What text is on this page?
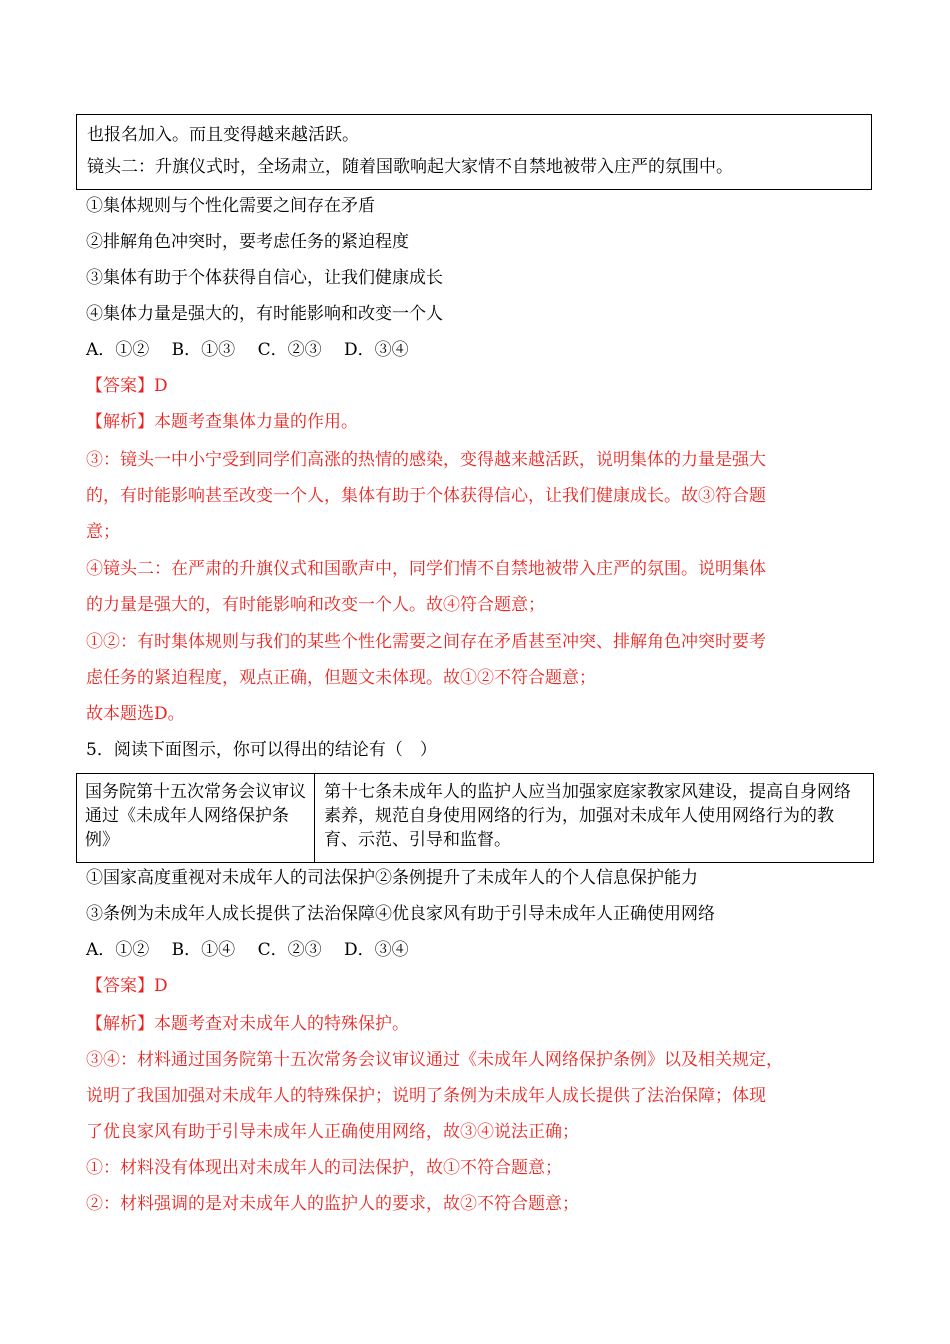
也报名加入。而且变得越来越活跃。
镜头二：升旗仪式时，全场肃立，随着国歌响起大家情不自禁地被带入庄严的氛围中。
①集体规则与个性化需要之间存在矛盾
②排解角色冲突时，要考虑任务的紧迫程度
③集体有助于个体获得自信心，让我们健康成长
④集体力量是强大的，有时能影响和改变一个人
A．①②　 B．①③　 C．②③　 D．③④
【答案】D
【解析】本题考查集体力量的作用。
③：镜头一中小宁受到同学们高涨的热情的感染，变得越来越活跃，说明集体的力量是强大
的，有时能影响甚至改变一个人，集体有助于个体获得信心，让我们健康成长。故③符合题
意；
④镜头二：在严肃的升旗仪式和国歌声中，同学们情不自禁地被带入庄严的氛围。说明集体
的力量是强大的，有时能影响和改变一个人。故④符合题意；
①②：有时集体规则与我们的某些个性化需要之间存在矛盾甚至冲突、排解角色冲突时要考
虑任务的紧迫程度，观点正确，但题文未体现。故①②不符合题意；
故本题选D。
5．阅读下面图示，你可以得出的结论有（　）
国务院第十五次常务会议审议通过《未成年人网络保护条例》
第十七条未成年人的监护人应当加强家庭家教家风建设，提高自身网络素养，规范自身使用网络的行为，加强对未成年人使用网络行为的教育、示范、引导和监督。
①国家高度重视对未成年人的司法保护②条例提升了未成年人的个人信息保护能力
③条例为未成年人成长提供了法治保障④优良家风有助于引导未成年人正确使用网络
A．①②　 B．①④　 C．②③　 D．③④
【答案】D
【解析】本题考查对未成年人的特殊保护。
③④：材料通过国务院第十五次常务会议审议通过《未成年人网络保护条例》以及相关规定，
说明了我国加强对未成年人的特殊保护；说明了条例为未成年人成长提供了法治保障；体现
了优良家风有助于引导未成年人正确使用网络，故③④说法正确；
①：材料没有体现出对未成年人的司法保护，故①不符合题意；
②：材料强调的是对未成年人的监护人的要求，故②不符合题意；
